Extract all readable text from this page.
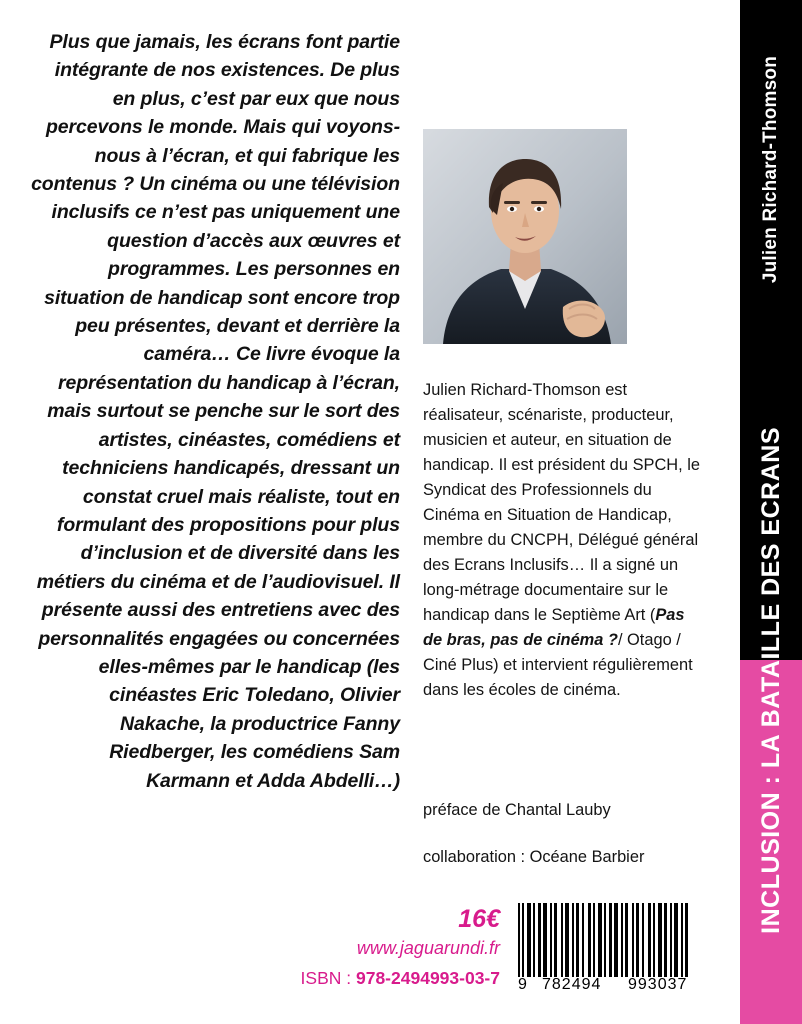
Plus que jamais, les écrans font partie intégrante de nos existences. De plus en plus, c’est par eux que nous percevons le monde. Mais qui voyons-nous à l’écran, et qui fabrique les contenus ? Un cinéma ou une télévision inclusifs ce n’est pas uniquement une question d’accès aux œuvres et programmes. Les personnes en situation de handicap sont encore trop peu présentes, devant et derrière la caméra… Ce livre évoque la représentation du handicap à l’écran, mais surtout se penche sur le sort des artistes, cinéastes, comédiens et techniciens handicapés, dressant un constat cruel mais réaliste, tout en formulant des propositions pour plus d’inclusion et de diversité dans les métiers du cinéma et de l’audiovisuel. Il présente aussi des entretiens avec des personnalités engagées ou concernées elles-mêmes par le handicap (les cinéastes Eric Toledano, Olivier Nakache, la productrice Fanny Riedberger, les comédiens Sam Karmann et Adda Abdelli…)
Julien Richard-Thomson est réalisateur, scénariste, producteur, musicien et auteur, en situation de handicap. Il est président du SPCH, le Syndicat des Professionnels du Cinéma en Situation de Handicap, membre du CNCPH, Délégué général des Ecrans Inclusifs… Il a signé un long-métrage documentaire sur le handicap dans le Septième Art (Pas de bras, pas de cinéma ?/ Otago / Ciné Plus) et intervient régulièrement dans les écoles de cinéma.
préface de Chantal Lauby
collaboration : Océane Barbier
16€
www.jaguarundi.fr
ISBN : 978-2494993-03-7 9 782494 993037
Julien Richard-Thomson
INCLUSION : LA BATAILLE DES ECRANS
